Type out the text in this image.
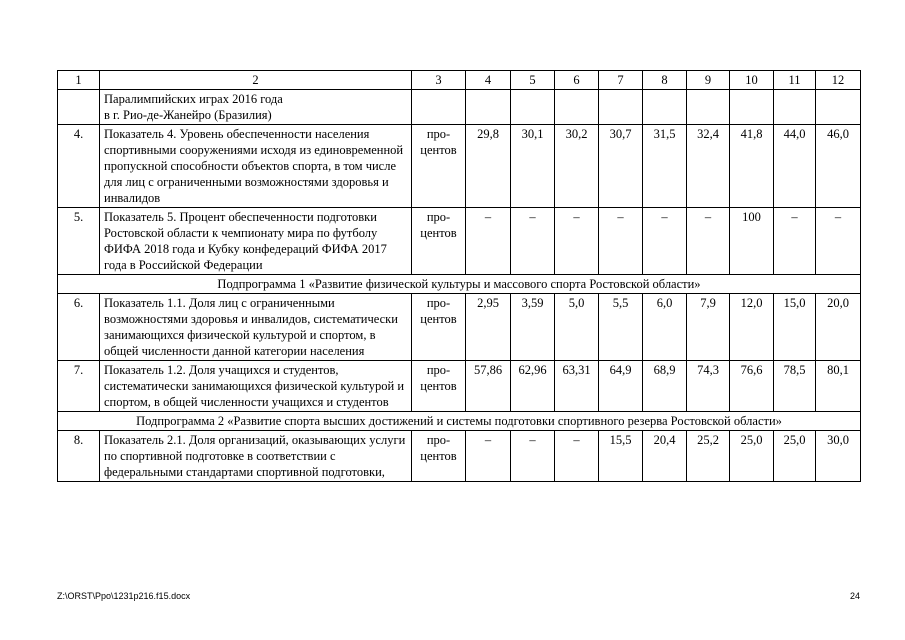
1	2	3	4	5	6	7	8	9	10	11	12
	Паралимпийских играх 2016 года
в г. Рио-де-Жанейро (Бразилия)										
4.	Показатель 4. Уровень обеспеченности населения спортивными сооружениями исходя из единовременной пропускной способности объектов спорта, в том числе для лиц с ограниченными возможностями здоровья и инвалидов	про-
центов	29,8	30,1	30,2	30,7	31,5	32,4	41,8	44,0	46,0
5.	Показатель 5. Процент обеспеченности подготовки Ростовской области к чемпионату мира по футболу ФИФА 2018 года и Кубку конфедераций ФИФА 2017 года в Российской Федерации	про-
центов	–	–	–	–	–	–	100	–	–
Подпрограмма 1 «Развитие физической культуры и массового спорта Ростовской области»											
6.	Показатель 1.1. Доля лиц с ограниченными возможностями здоровья и инвалидов, систематически занимающихся физической культурой и спортом, в общей численности данной категории населения	про-
центов	2,95	3,59	5,0	5,5	6,0	7,9	12,0	15,0	20,0
7.	Показатель 1.2. Доля учащихся и студентов, систематически занимающихся физической культурой и спортом, в общей численности учащихся и студентов	про-
центов	57,86	62,96	63,31	64,9	68,9	74,3	76,6	78,5	80,1
Подпрограмма 2 «Развитие спорта высших достижений и системы подготовки спортивного резерва Ростовской области»											
8.	Показатель 2.1. Доля организаций, оказывающих услуги по спортивной подготовке в соответствии с федеральными стандартами спортивной подготовки,	про-
центов	–	–	–	15,5	20,4	25,2	25,0	25,0	30,0
Z:\ORST\Ppo\1231p216.f15.docx	24
